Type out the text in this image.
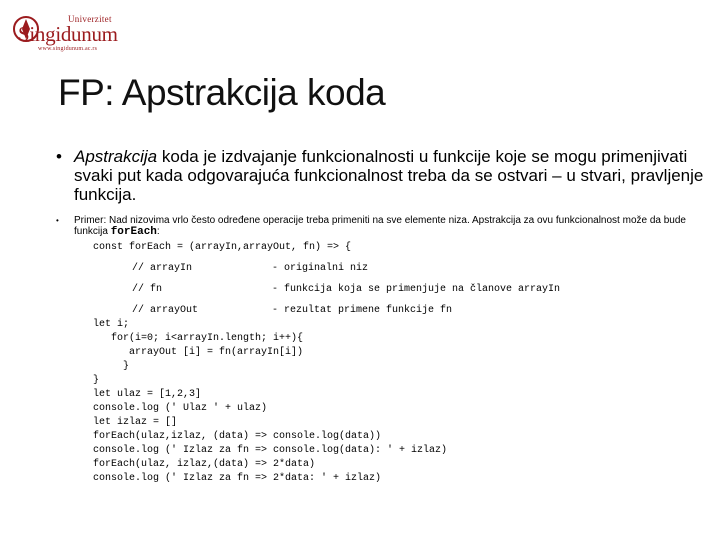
Univerzitet
Singidunum
www.singidunum.ac.rs
FP: Apstrakcija koda
• Apstrakcija koda je izdvajanje funkcionalnosti u funkcije koje se mogu primenjivati svaki put kada odgovarajuća funkcionalnost treba da se ostvari – u stvari, pravljenje funkcija.
• Primer: Nad nizovima vrlo često određene operacije treba primeniti na sve elemente niza. Apstrakcija za ovu funkcionalnost može da bude funkcija forEach:
const forEach = (arrayIn,arrayOut, fn) => {
// arrayIn	- originalni niz
// fn	- funkcija koja se primenjuje na članove arrayIn
// arrayOut	- rezultat primene funkcije fn
let i;
for(i=0; i<arrayIn.length; i++){
arrayOut [i] = fn(arrayIn[i])
}
}
let ulaz = [1,2,3]
console.log (' Ulaz ' + ulaz)
let izlaz = []
forEach(ulaz,izlaz, (data) => console.log(data))
console.log (' Izlaz za fn => console.log(data): ' + izlaz)
forEach(ulaz, izlaz,(data) => 2*data)
console.log (' Izlaz za fn => 2*data: ' + izlaz)
